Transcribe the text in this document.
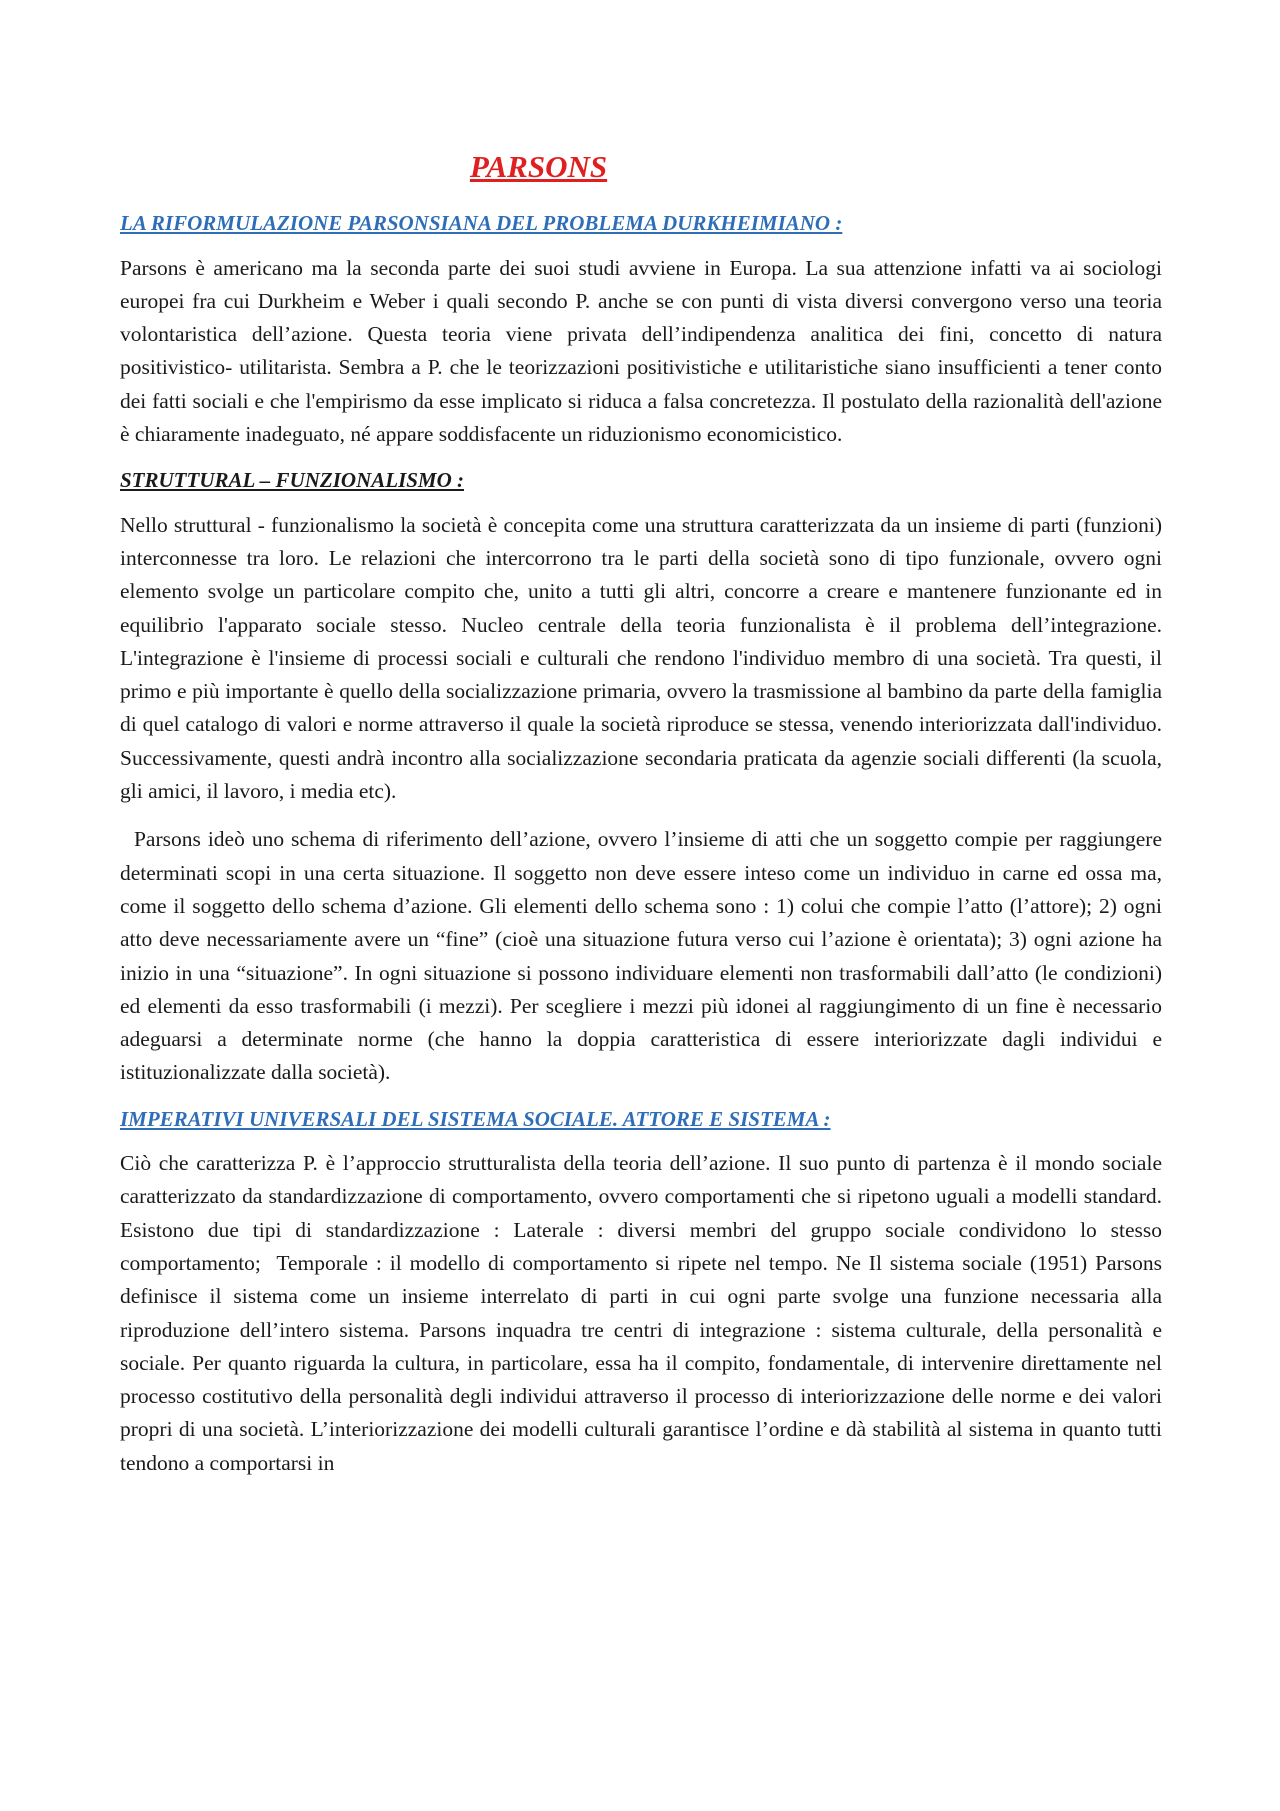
PARSONS
LA RIFORMULAZIONE PARSONSIANA DEL PROBLEMA DURKHEIMIANO :

Parsons è americano ma la seconda parte dei suoi studi avviene in Europa. La sua attenzione infatti va ai sociologi europei fra cui Durkheim e Weber i quali secondo P. anche se con punti di vista diversi convergono verso una teoria volontaristica dell’azione. Questa teoria viene privata dell’indipendenza analitica dei fini, concetto di natura positivistico- utilitarista. Sembra a P. che le teorizzazioni positivistiche e utilitaristiche siano insufficienti a tener conto dei fatti sociali e che l'empirismo da esse implicato si riduca a falsa concretezza. Il postulato della razionalità dell'azione è chiaramente inadeguato, né appare soddisfacente un riduzionismo economicistico.

STRUTTURAL – FUNZIONALISMO :

Nello struttural - funzionalismo la società è concepita come una struttura caratterizzata da un insieme di parti (funzioni) interconnesse tra loro. Le relazioni che intercorrono tra le parti della società sono di tipo funzionale, ovvero ogni elemento svolge un particolare compito che, unito a tutti gli altri, concorre a creare e mantenere funzionante ed in equilibrio l'apparato sociale stesso. Nucleo centrale della teoria funzionalista è il problema dell’integrazione. L'integrazione è l'insieme di processi sociali e culturali che rendono l'individuo membro di una società. Tra questi, il primo e più importante è quello della socializzazione primaria, ovvero la trasmissione al bambino da parte della famiglia di quel catalogo di valori e norme attraverso il quale la società riproduce se stessa, venendo interiorizzata dall'individuo. Successivamente, questi andrà incontro alla socializzazione secondaria praticata da agenzie sociali differenti (la scuola, gli amici, il lavoro, i media etc).

Parsons ideò uno schema di riferimento dell’azione, ovvero l’insieme di atti che un soggetto compie per raggiungere determinati scopi in una certa situazione. Il soggetto non deve essere inteso come un individuo in carne ed ossa ma, come il soggetto dello schema d’azione. Gli elementi dello schema sono : 1) colui che compie l’atto (l’attore); 2) ogni atto deve necessariamente avere un “fine” (cioè una situazione futura verso cui l’azione è orientata); 3) ogni azione ha inizio in una “situazione”. In ogni situazione si possono individuare elementi non trasformabili dall’atto (le condizioni) ed elementi da esso trasformabili (i mezzi). Per scegliere i mezzi più idonei al raggiungimento di un fine è necessario adeguarsi a determinate norme (che hanno la doppia caratteristica di essere interiorizzate dagli individui e istituzionalizzate dalla società).

IMPERATIVI UNIVERSALI DEL SISTEMA SOCIALE. ATTORE E SISTEMA :

Ciò che caratterizza P. è l’approccio strutturalista della teoria dell’azione. Il suo punto di partenza è il mondo sociale caratterizzato da standardizzazione di comportamento, ovvero comportamenti che si ripetono uguali a modelli standard. Esistono due tipi di standardizzazione : Laterale : diversi membri del gruppo sociale condividono lo stesso comportamento;  Temporale : il modello di comportamento si ripete nel tempo. Ne Il sistema sociale (1951) Parsons definisce il sistema come un insieme interrelato di parti in cui ogni parte svolge una funzione necessaria alla riproduzione dell’intero sistema. Parsons inquadra tre centri di integrazione : sistema culturale, della personalità e sociale. Per quanto riguarda la cultura, in particolare, essa ha il compito, fondamentale, di intervenire direttamente nel processo costitutivo della personalità degli individui attraverso il processo di interiorizzazione delle norme e dei valori propri di una società. L’interiorizzazione dei modelli culturali garantisce l’ordine e dà stabilità al sistema in quanto tutti tendono a comportarsi in
